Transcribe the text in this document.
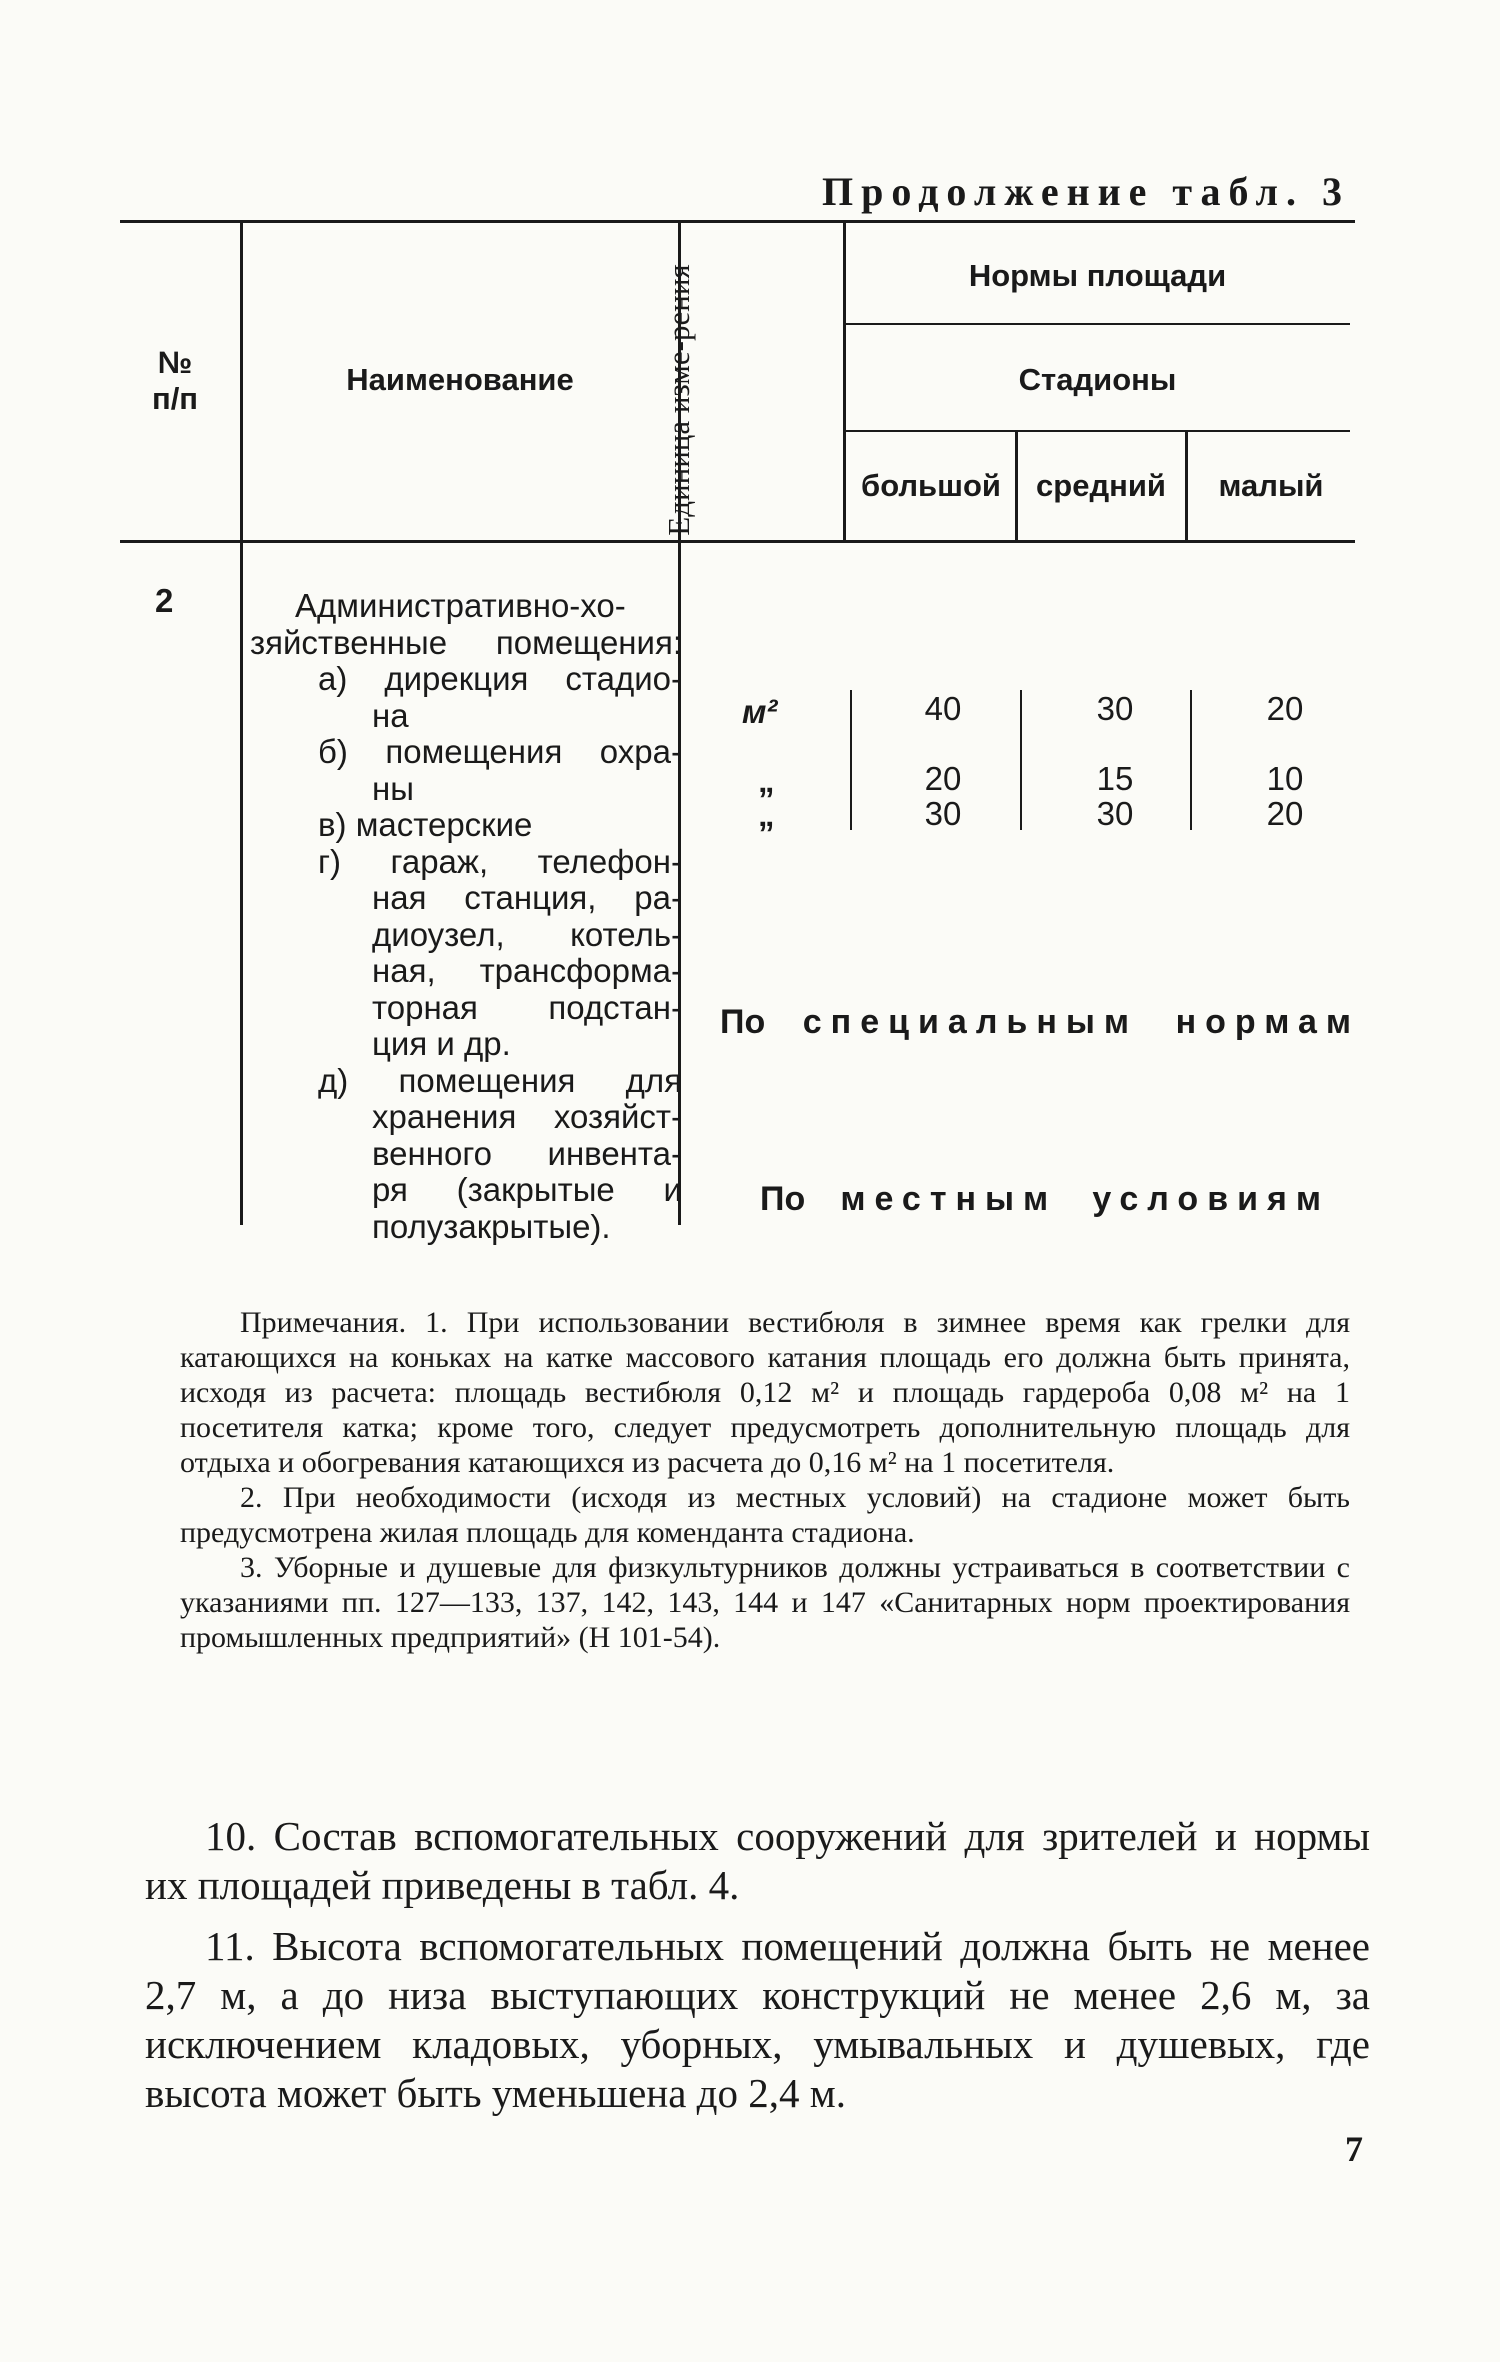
Продолжение табл. 3
№ п/п
Наименование	Единица изме-рения	Нормы площади
Стадионы
большой	средний	малый
2	Административно-хо-
зяйственные помещения:
а) дирекция стадио-
на
б) помещения охра-
ны
в) мастерские
г) гараж, телефон-
ная станция, ра-
диоузел, котель-
ная, трансформа-
торная подстан-
ция и др.
д) помещения для
хранения хозяйст-
венного инвента-
ря (закрытые и
полузакрытые).
м²	40	30	20
„	20	15	10
„	30	30	20
По специальным нормам
По местным условиям

Примечания. 1. При использовании вестибюля в зимнее время как грелки для катающихся на коньках на катке массового катания площадь его должна быть принята, исходя из расчета: площадь вестибюля 0,12 м² и площадь гардероба 0,08 м² на 1 посетителя катка; кроме того, следует предусмотреть дополнительную площадь для отдыха и обогревания катающихся из расчета до 0,16 м² на 1 посетителя.

2. При необходимости (исходя из местных условий) на стадионе может быть предусмотрена жилая площадь для коменданта стадиона.

3. Уборные и душевые для физкультурников должны устраиваться в соответствии с указаниями пп. 127—133, 137, 142, 143, 144 и 147 «Санитарных норм проектирования промышленных предприятий» (Н 101-54).

10. Состав вспомогательных сооружений для зрителей и нормы их площадей приведены в табл. 4.

11. Высота вспомогательных помещений должна быть не менее 2,7 м, а до низа выступающих конструкций не менее 2,6 м, за исключением кладовых, уборных, умывальных и душевых, где высота может быть уменьшена до 2,4 м.

7
